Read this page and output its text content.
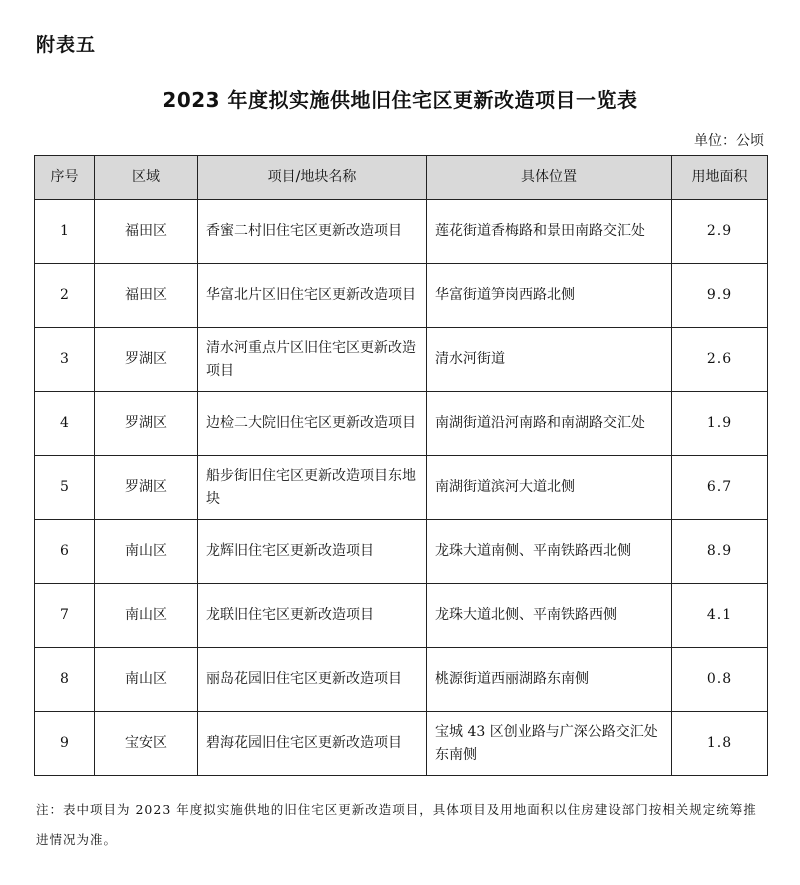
附表五
2023 年度拟实施供地旧住宅区更新改造项目一览表
单位：公顷
序号	区域	项目/地块名称	具体位置	用地面积
1	福田区	香蜜二村旧住宅区更新改造项目	莲花街道香梅路和景田南路交汇处	2.9
2	福田区	华富北片区旧住宅区更新改造项目	华富街道笋岗西路北侧	9.9
3	罗湖区	清水河重点片区旧住宅区更新改造项目	清水河街道	2.6
4	罗湖区	边检二大院旧住宅区更新改造项目	南湖街道沿河南路和南湖路交汇处	1.9
5	罗湖区	船步街旧住宅区更新改造项目东地块	南湖街道滨河大道北侧	6.7
6	南山区	龙辉旧住宅区更新改造项目	龙珠大道南侧、平南铁路西北侧	8.9
7	南山区	龙联旧住宅区更新改造项目	龙珠大道北侧、平南铁路西侧	4.1
8	南山区	丽岛花园旧住宅区更新改造项目	桃源街道西丽湖路东南侧	0.8
9	宝安区	碧海花园旧住宅区更新改造项目	宝城 43 区创业路与广深公路交汇处东南侧	1.8
注：表中项目为 2023 年度拟实施供地的旧住宅区更新改造项目，具体项目及用地面积以住房建设部门按相关规定统筹推进情况为准。
